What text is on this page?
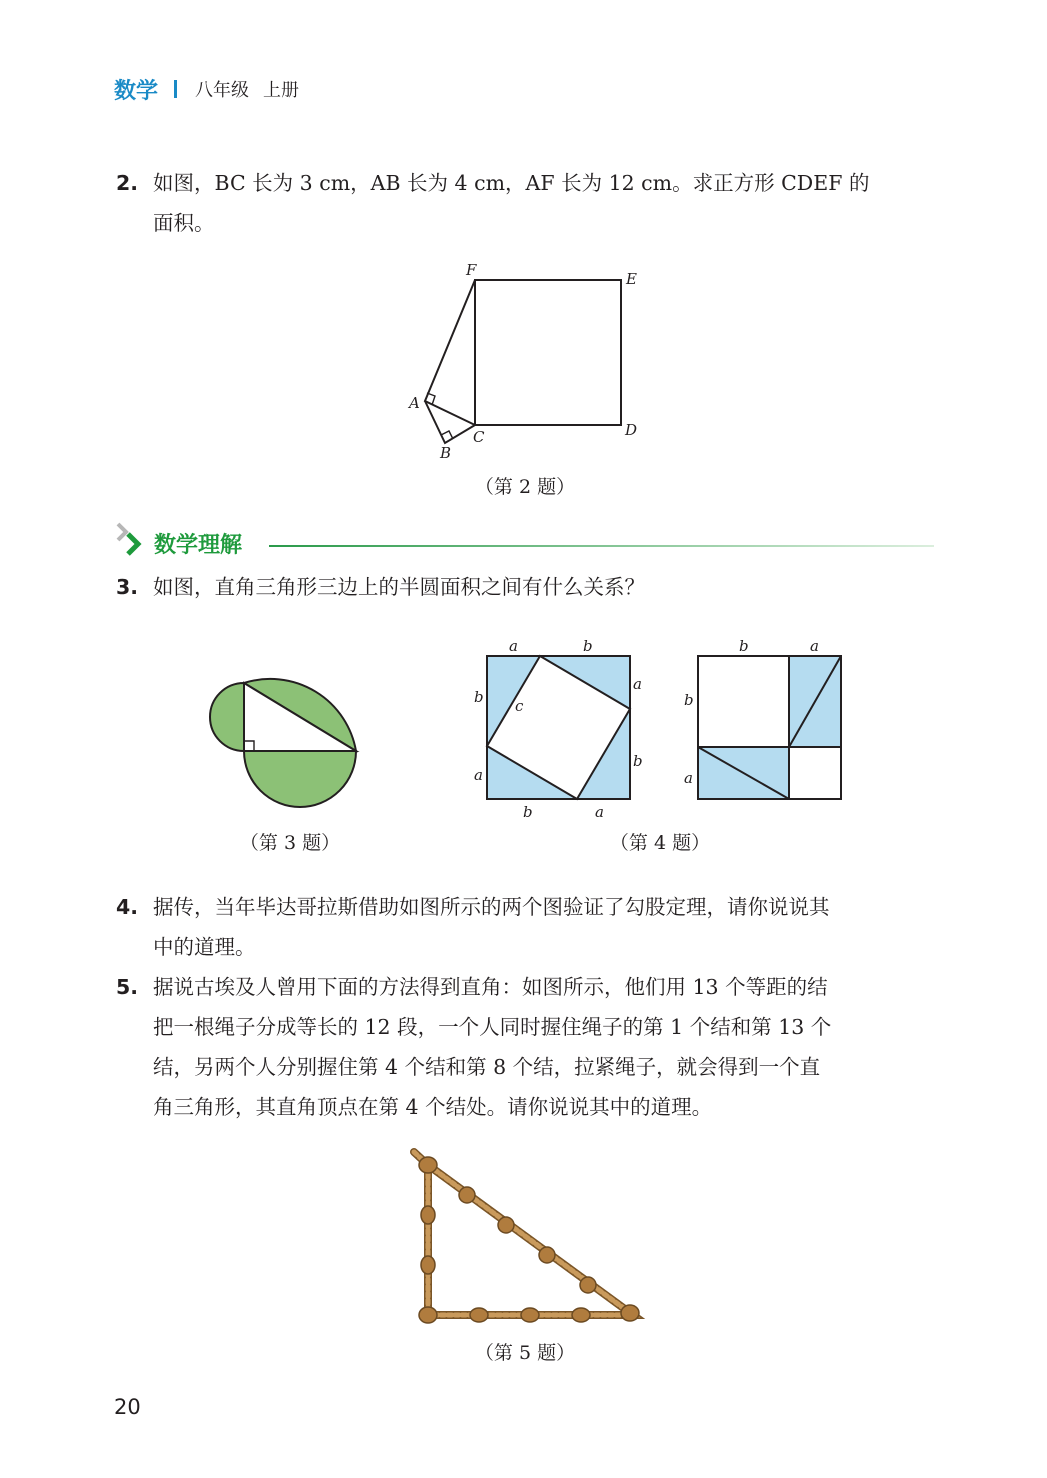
数学 八年级 上册
2. 如图，BC 长为 3 cm，AB 长为 4 cm，AF 长为 12 cm。求正方形 CDEF 的
面积。
F	E
A
B
C	D
（第 2 题）
数学理解
3. 如图，直角三角形三边上的半圆面积之间有什么关系？
（第 3 题）
a	b
b
a
a
b
b	a
c
b	a
b
a
（第 4 题）
4. 据传，当年毕达哥拉斯借助如图所示的两个图验证了勾股定理，请你说说其
中的道理。
5. 据说古埃及人曾用下面的方法得到直角：如图所示，他们用 13 个等距的结
把一根绳子分成等长的 12 段，一个人同时握住绳子的第 1 个结和第 13 个
结，另两个人分别握住第 4 个结和第 8 个结，拉紧绳子，就会得到一个直
角三角形，其直角顶点在第 4 个结处。请你说说其中的道理。
（第 5 题）
20
